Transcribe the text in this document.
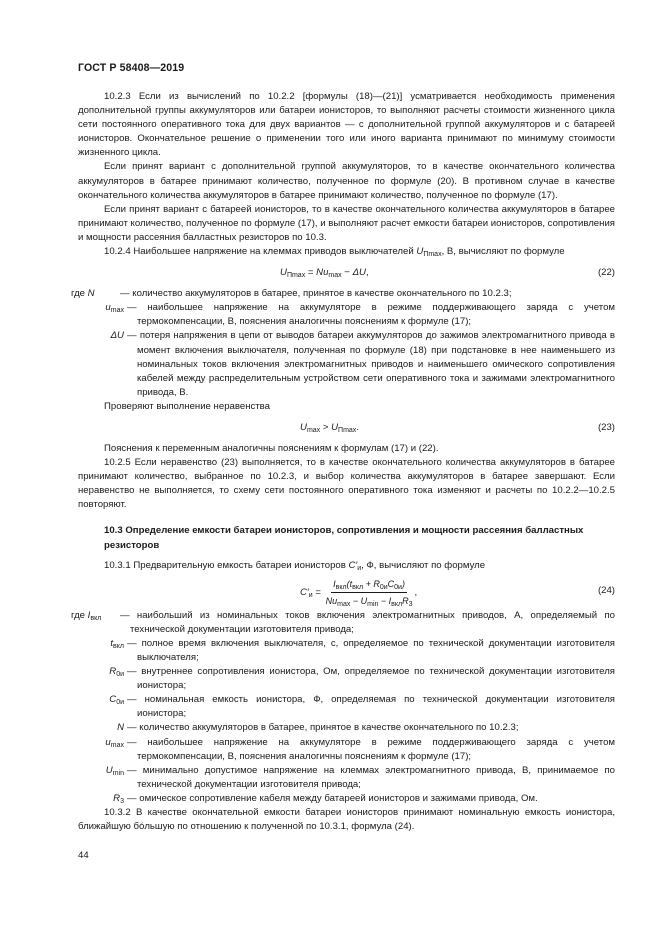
ГОСТ Р 58408—2019

10.2.3 Если из вычислений по 10.2.2 [формулы (18)—(21)] усматривается необходимость применения дополнительной группы аккумуляторов или батареи ионисторов, то выполняют расчеты стоимости жизненного цикла сети постоянного оперативного тока для двух вариантов — с дополнительной группой аккумуляторов и с батареей ионисторов. Окончательное решение о применении того или иного варианта принимают по минимуму стоимости жизненного цикла.

Если принят вариант с дополнительной группой аккумуляторов, то в качестве окончательного количества аккумуляторов в батарее принимают количество, полученное по формуле (20). В противном случае в качестве окончательного количества аккумуляторов в батарее принимают количество, полученное по формуле (17).

Если принят вариант с батареей ионисторов, то в качестве окончательного количества аккумуляторов в батарее принимают количество, полученное по формуле (17), и выполняют расчет емкости батареи ионисторов, сопротивления и мощности рассеяния балластных резисторов по 10.3.

10.2.4 Наибольшее напряжение на клеммах приводов выключателей $U_{Пmax}$, В, вычисляют по формуле

$U_{Пmax} = Nu_{max} - \Delta U$,	(22)
где N	— количество аккумуляторов в батарее, принятое в качестве окончательного по 10.2.3;
$u_{max}$ — наибольшее напряжение на аккумуляторе в режиме поддерживающего заряда с учетом термокомпенсации, В, пояснения аналогичны пояснениям к формуле (17);
ΔU — потеря напряжения в цепи от выводов батареи аккумуляторов до зажимов электромагнитного привода в момент включения выключателя, полученная по формуле (18) при подстановке в нее наименьшего из номинальных токов включения электромагнитных приводов и наименьшего омического сопротивления кабелей между распределительным устройством сети оперативного тока и зажимами электромагнитного привода, В.

Проверяют выполнение неравенства

$U_{max} > U_{Пmax}$.	(23)

Пояснения к переменным аналогичны пояснениям к формулам (17) и (22).

10.2.5 Если неравенство (23) выполняется, то в качестве окончательного количества аккумуляторов в батарее принимают количество, выбранное по 10.2.3, и выбор количества аккумуляторов в батарее завершают. Если неравенство не выполняется, то схему сети постоянного оперативного тока изменяют и расчеты по 10.2.2—10.2.5 повторяют.

10.3 Определение емкости батареи ионисторов, сопротивления и мощности рассеяния балластных резисторов

10.3.1 Предварительную емкость батареи ионисторов $C'_и$, Ф, вычисляют по формуле

$C'_и = \frac{I_{вкл}(t_{вкл} + R_{0и}C_{0и})}{Nu_{max} - U_{min} - I_{вкл}R_3}$ ,	(24)
где $I_{вкл}$	— наибольший из номинальных токов включения электромагнитных приводов, А, определяемый по технической документации изготовителя привода;
$t_{вкл}$ — полное время включения выключателя, с, определяемое по технической документации изготовителя выключателя;
$R_{0и}$ — внутреннее сопротивления ионистора, Ом, определяемое по технической документации изготовителя ионистора;
$C_{0и}$ — номинальная емкость ионистора, Ф, определяемая по технической документации изготовителя ионистора;
N — количество аккумуляторов в батарее, принятое в качестве окончательного по 10.2.3;
$u_{max}$ — наибольшее напряжение на аккумуляторе в режиме поддерживающего заряда с учетом термокомпенсации, В, пояснения аналогичны пояснениям к формуле (17);
$U_{min}$ — минимально допустимое напряжение на клеммах электромагнитного привода, В, принимаемое по технической документации изготовителя привода;
$R_3$ — омическое сопротивление кабеля между батареей ионисторов и зажимами привода, Ом.

10.3.2 В качестве окончательной емкости батареи ионисторов принимают номинальную емкость ионистора, ближайшую бóльшую по отношению к полученной по 10.3.1, формула (24).

44
